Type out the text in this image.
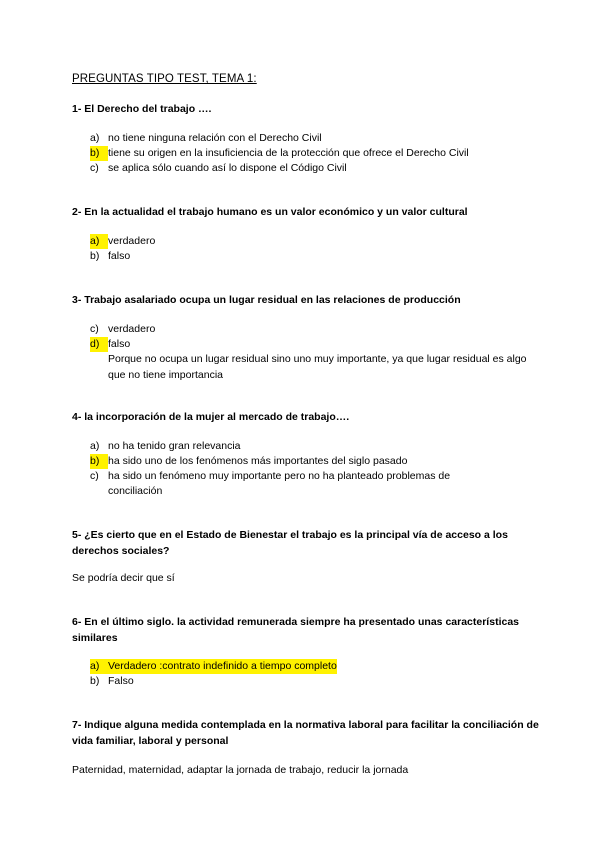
PREGUNTAS TIPO TEST, TEMA 1:
1- El Derecho del trabajo ….
a) no tiene ninguna relación con el Derecho Civil
b) tiene su origen en la insuficiencia de la protección que ofrece el Derecho Civil
c) se aplica sólo cuando así lo dispone el Código Civil
2- En la actualidad el trabajo humano es un valor económico y un valor cultural
a) verdadero
b) falso
3- Trabajo asalariado ocupa un lugar residual en las relaciones de producción
c) verdadero
d) falso
Porque no ocupa un lugar residual sino uno muy importante, ya que lugar residual es algo que no tiene importancia
4- la incorporación de la mujer al mercado de trabajo….
a) no ha tenido gran relevancia
b) ha sido uno de los fenómenos más importantes del siglo pasado
c) ha sido un fenómeno muy importante pero no ha planteado problemas de
conciliación
5- ¿Es cierto que en el Estado de Bienestar el trabajo es la principal vía de acceso a los derechos sociales?
Se podría decir que sí
6- En el último siglo. la actividad remunerada siempre ha presentado unas características similares
a) Verdadero :contrato indefinido a tiempo completo
b) Falso
7- Indique alguna medida contemplada en la normativa laboral para facilitar la conciliación de vida familiar, laboral y personal
Paternidad, maternidad, adaptar la jornada de trabajo, reducir la jornada
